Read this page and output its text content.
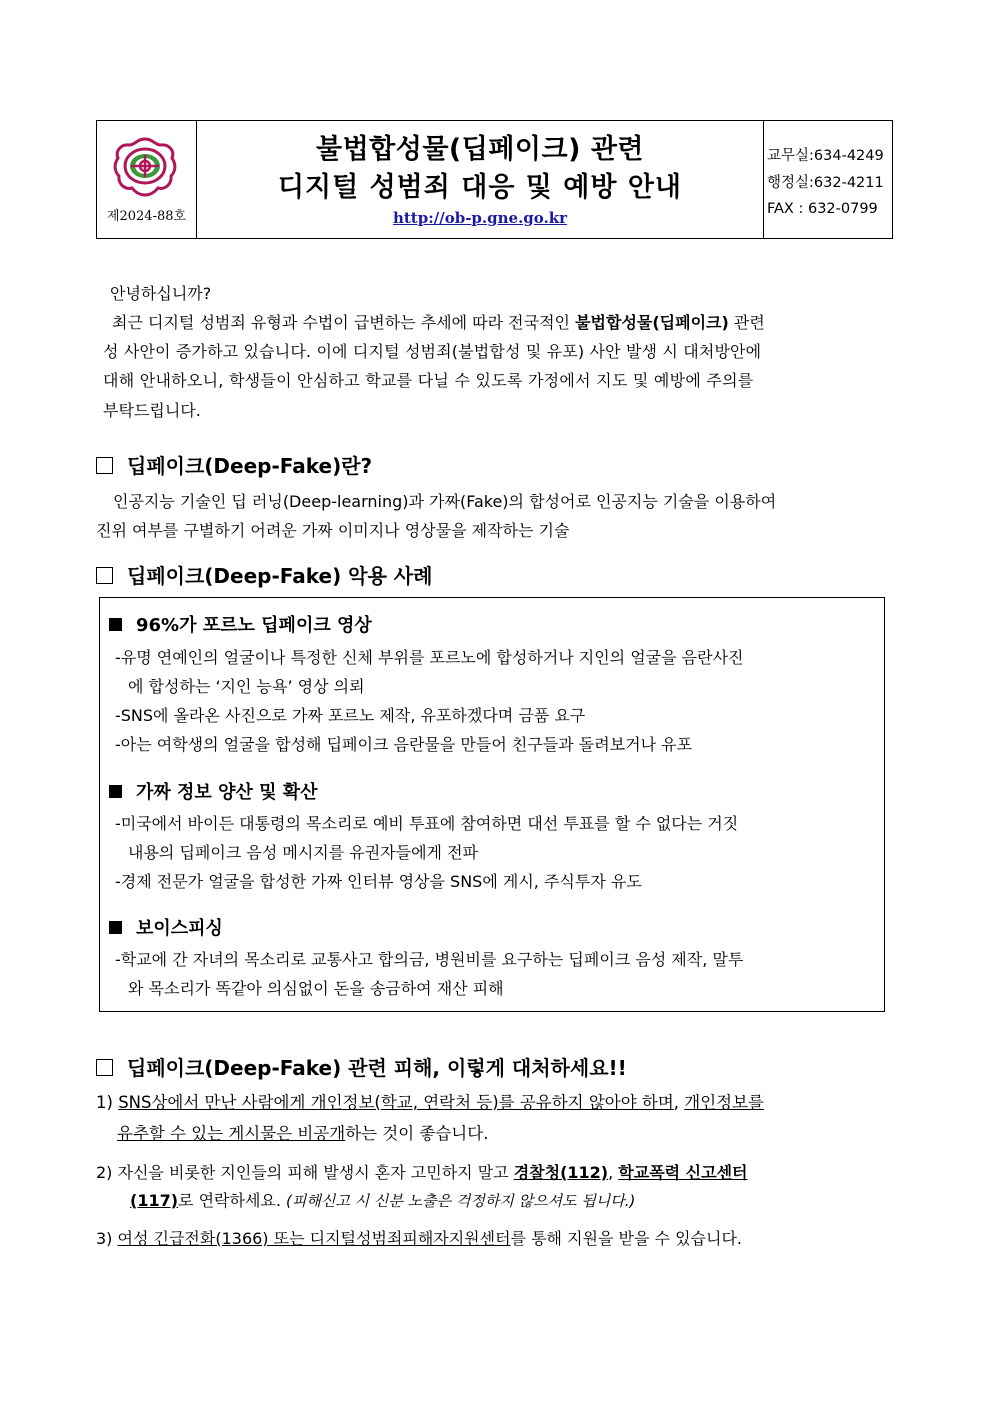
제2024-88호
불법합성물(딥페이크) 관련
디지털 성범죄 대응 및 예방 안내
http://ob-p.gne.go.kr
교무실:634-4249
행정실:632-4211
FAX : 632-0799
안녕하십니까?
최근 디지털 성범죄 유형과 수법이 급변하는 추세에 따라 전국적인 불법합성물(딥페이크) 관련
성 사안이 증가하고 있습니다. 이에 디지털 성범죄(불법합성 및 유포) 사안 발생 시 대처방안에
대해 안내하오니, 학생들이 안심하고 학교를 다닐 수 있도록 가정에서 지도 및 예방에 주의를
부탁드립니다.
딥페이크(Deep-Fake)란?
인공지능 기술인 딥 러닝(Deep-learning)과 가짜(Fake)의 합성어로 인공지능 기술을 이용하여
진위 여부를 구별하기 어려운 가짜 이미지나 영상물을 제작하는 기술
딥페이크(Deep-Fake) 악용 사례
96%가 포르노 딥페이크 영상
-유명 연예인의 얼굴이나 특정한 신체 부위를 포르노에 합성하거나 지인의 얼굴을 음란사진
에 합성하는 ‘지인 능욕’ 영상 의뢰
-SNS에 올라온 사진으로 가짜 포르노 제작, 유포하겠다며 금품 요구
-아는 여학생의 얼굴을 합성해 딥페이크 음란물을 만들어 친구들과 돌려보거나 유포
가짜 정보 양산 및 확산
-미국에서 바이든 대통령의 목소리로 예비 투표에 참여하면 대선 투표를 할 수 없다는 거짓
내용의 딥페이크 음성 메시지를 유권자들에게 전파
-경제 전문가 얼굴을 합성한 가짜 인터뷰 영상을 SNS에 게시, 주식투자 유도
보이스피싱
-학교에 간 자녀의 목소리로 교통사고 합의금, 병원비를 요구하는 딥페이크 음성 제작, 말투
와 목소리가 똑같아 의심없이 돈을 송금하여 재산 피해
딥페이크(Deep-Fake) 관련 피해, 이렇게 대처하세요!!
1) SNS상에서 만난 사람에게 개인정보(학교, 연락처 등)를 공유하지 않아야 하며, 개인정보를
유추할 수 있는 게시물은 비공개하는 것이 좋습니다.
2) 자신을 비롯한 지인들의 피해 발생시 혼자 고민하지 말고 경찰청(112), 학교폭력 신고센터
(117)로 연락하세요. (피해신고 시 신분 노출은 걱정하지 않으셔도 됩니다.)
3) 여성 긴급전화(1366) 또는 디지털성범죄피해자지원센터를 통해 지원을 받을 수 있습니다.
